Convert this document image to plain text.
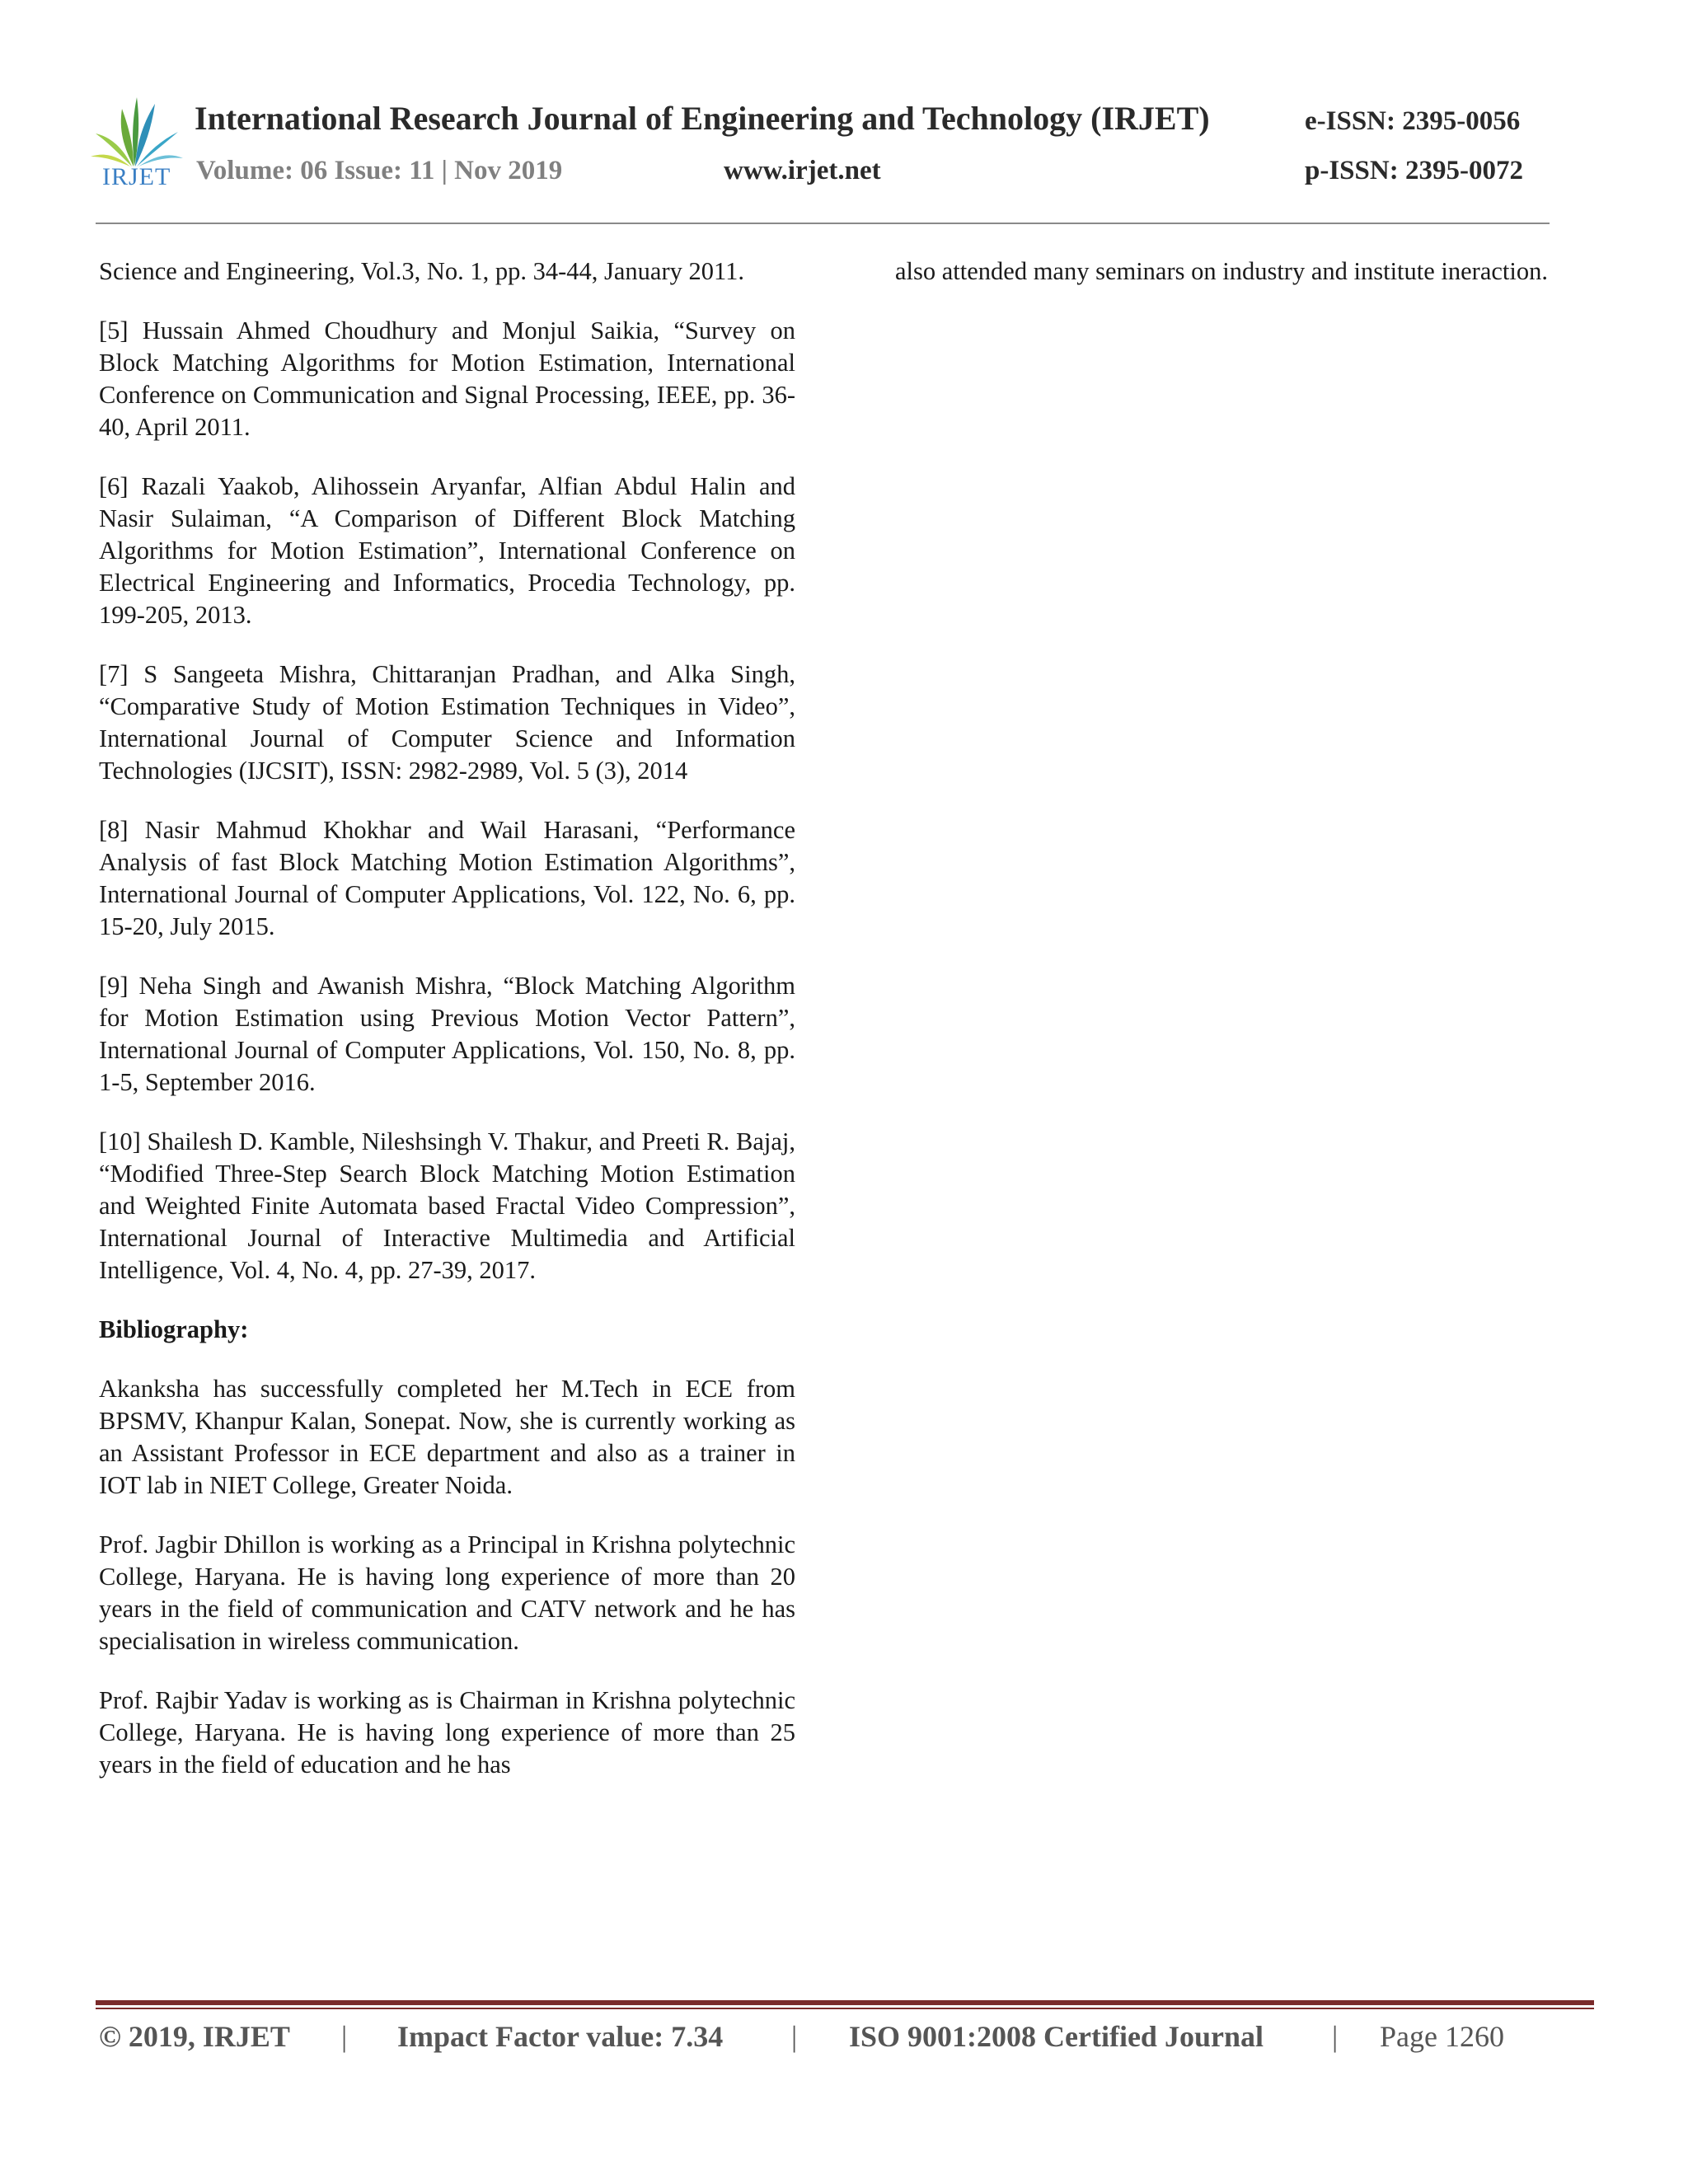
IRJET
International Research Journal of Engineering and Technology (IRJET)	e-ISSN: 2395-0056
Volume: 06 Issue: 11 | Nov 2019	www.irjet.net	p-ISSN: 2395-0072

Science and Engineering, Vol.3, No. 1, pp. 34-44, January 2011.

[5] Hussain Ahmed Choudhury and Monjul Saikia, “Survey on Block Matching Algorithms for Motion Estimation, International Conference on Communication and Signal Processing, IEEE, pp. 36-40, April 2011.

[6] Razali Yaakob, Alihossein Aryanfar, Alfian Abdul Halin and Nasir Sulaiman, “A Comparison of Different Block Matching Algorithms for Motion Estimation”, International Conference on Electrical Engineering and Informatics, Procedia Technology, pp. 199-205, 2013.

[7] S Sangeeta Mishra, Chittaranjan Pradhan, and Alka Singh, “Comparative Study of Motion Estimation Techniques in Video”, International Journal of Computer Science and Information Technologies (IJCSIT), ISSN: 2982-2989, Vol. 5 (3), 2014

[8] Nasir Mahmud Khokhar and Wail Harasani, “Performance Analysis of fast Block Matching Motion Estimation Algorithms”, International Journal of Computer Applications, Vol. 122, No. 6, pp. 15-20, July 2015.

[9] Neha Singh and Awanish Mishra, “Block Matching Algorithm for Motion Estimation using Previous Motion Vector Pattern”, International Journal of Computer Applications, Vol. 150, No. 8, pp. 1-5, September 2016.

[10] Shailesh D. Kamble, Nileshsingh V. Thakur, and Preeti R. Bajaj, “Modified Three-Step Search Block Matching Motion Estimation and Weighted Finite Automata based Fractal Video Compression”, International Journal of Interactive Multimedia and Artificial Intelligence, Vol. 4, No. 4, pp. 27-39, 2017.

Bibliography:

Akanksha has successfully completed her M.Tech in ECE from BPSMV, Khanpur Kalan, Sonepat. Now, she is currently working as an Assistant Professor in ECE department and also as a trainer in IOT lab in NIET College, Greater Noida.

Prof. Jagbir Dhillon is working as a Principal in Krishna polytechnic College, Haryana. He is having long experience of more than 20 years in the field of communication and CATV network and he has specialisation in wireless communication.

Prof. Rajbir Yadav is working as is Chairman in Krishna polytechnic College, Haryana. He is having long experience of more than 25 years in the field of education and he has

also attended many seminars on industry and institute ineraction.

© 2019, IRJET | Impact Factor value: 7.34 | ISO 9001:2008 Certified Journal | Page 1260
